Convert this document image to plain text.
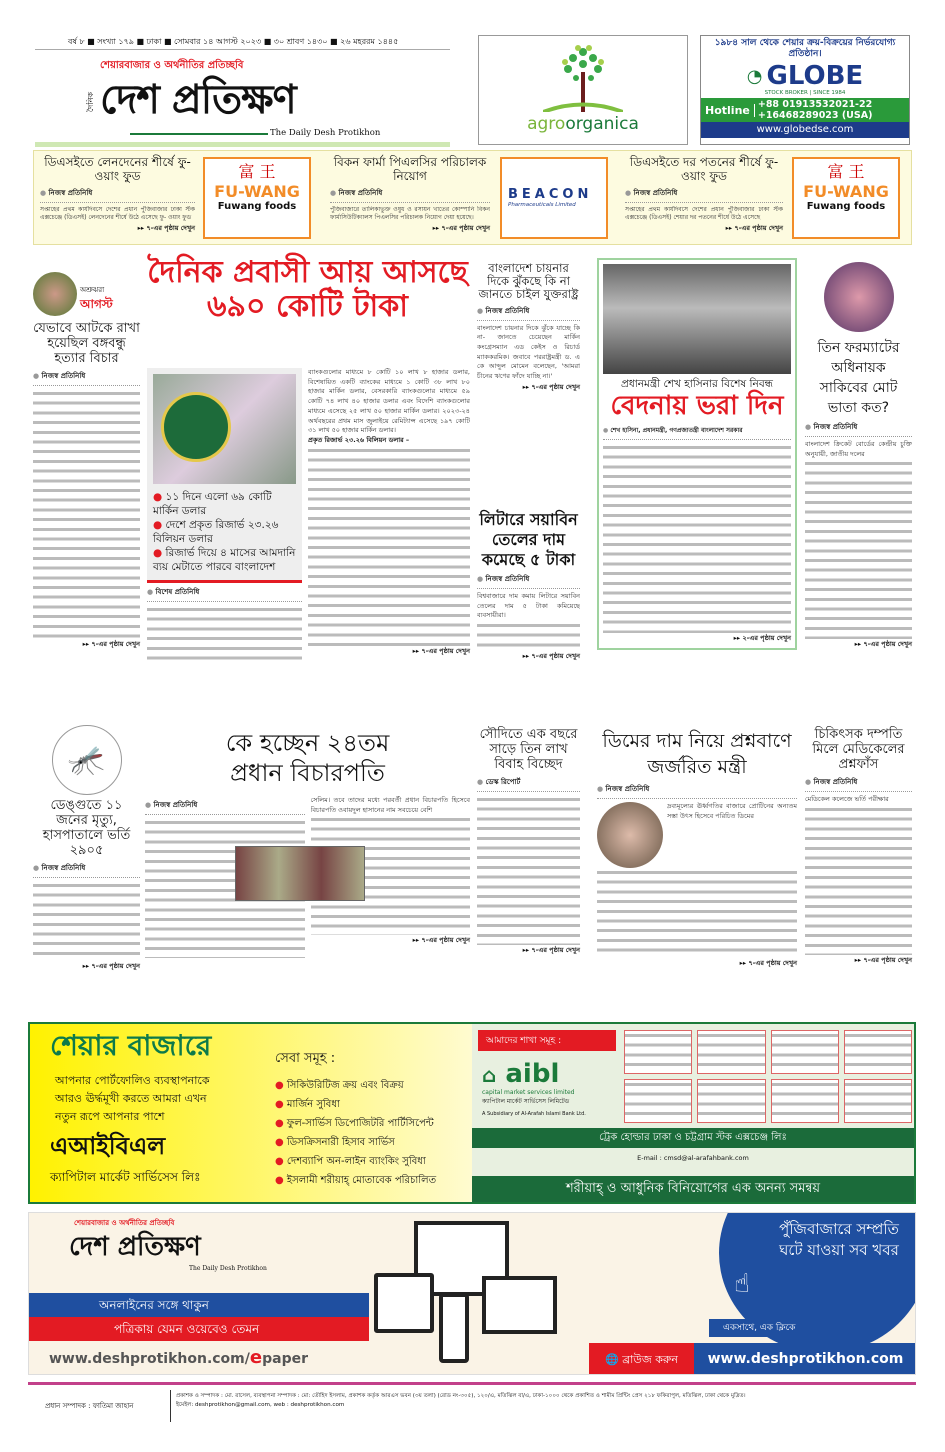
বর্ষ ৮ ■ সংখ্যা ১৭৯ ■ ঢাকা ■ সোমবার ১৪ আগস্ট ২০২৩ ■ ৩০ শ্রাবণ ১৪৩০ ■ ২৬ মহররম ১৪৪৫
শেয়ারবাজার ও অর্থনীতির প্রতিচ্ছবি
দৈনিক দেশ প্রতিক্ষণ
The Daily Desh Protikhon	agroorganica
১৯৮৪ সাল থেকে শেয়ার ক্রয়-বিক্রয়ের নির্ভরযোগ্য প্রতিষ্ঠান।
◔ GLOBE
STOCK BROKER | SINCE 1984
Hotline +88 01913532021-22
+16468289023 (USA)
www.globedse.com
ডিএসইতে লেনদেনের শীর্ষে ফু-ওয়াং ফুড
● নিজস্ব প্রতিনিধি
সপ্তাহের প্রথম কার্যদিবসে দেশের প্রধান পুঁজিবাজার ঢাকা স্টক এক্সচেঞ্জে (ডিএসই) লেনদেনের শীর্ষে উঠে এসেছে ফু- ওয়াং ফুড
▸▸ ৭-এর পৃষ্ঠায় দেখুন
富 王
FU-WANG
Fuwang foods
বিকন ফার্মা পিএলসির পরিচালক নিয়োগ
● নিজস্ব প্রতিনিধি
পুঁজিবাজারে তালিকাভুক্ত ওষুধ ও রসায়ন খাতের কোম্পানি বিকন ফার্মাসিউটিক্যালস পিএলসির পরিচালক নিয়োগ দেয়া হয়েছে।
▸▸ ৭-এর পৃষ্ঠায় দেখুন
BEACON
Pharmaceuticals Limited
ডিএসইতে দর পতনের শীর্ষে ফু-ওয়াং ফুড
● নিজস্ব প্রতিনিধি
সপ্তাহের প্রথম কার্যদিবসে দেশের প্রধান পুঁজিবাজার ঢাকা স্টক এক্সচেঞ্জে (ডিএসই) শেয়ার দর পতনের শীর্ষে উঠে এসেছে
▸▸ ৭-এর পৃষ্ঠায় দেখুন
富 王
FU-WANG
Fuwang foods
অশ্রুঝরা
আগস্ট
যেভাবে আটকে রাখা হয়েছিল বঙ্গবন্ধু হত্যার বিচার
● নিজস্ব প্রতিনিধি
▸▸ ৭-এর পৃষ্ঠায় দেখুন
দৈনিক প্রবাসী আয় আসছে ৬৯০ কোটি টাকা
● ১১ দিনে এলো ৬৯ কোটি মার্কিন ডলার
● দেশে প্রকৃত রিজার্ভ ২৩.২৬ বিলিয়ন ডলার
● রিজার্ভ দিয়ে ৪ মাসের আমদানি ব্যয় মেটাতে পারবে বাংলাদেশ
● বিশেষ প্রতিনিধি
ব্যাংকগুলোর মাধ্যমে ৮ কোটি ১০ লাখ ৮ হাজার ডলার, বিশেষায়িত একটি ব্যাংকের মাধ্যমে ১ কোটি ৩৮ লাখ ৮০ হাজার মার্কিন ডলার, বেসরকারি ব্যাংকগুলোর মাধ্যমে ৫৯ কোটি ৭৪ লাখ ৪০ হাজার ডলার এবং বিদেশি ব্যাংকগুলোর মাধ্যমে এসেছে ২৫ লাখ ৫০ হাজার মার্কিন ডলার। ২০২৩-২৪ অর্থবছরের প্রথম মাস জুলাইয়ে রেমিট্যান্স এসেছে ১৯৭ কোটি ৩১ লাখ ৫০ হাজার মার্কিন ডলার।
প্রকৃত রিজার্ভ ২৩.২৬ বিলিয়ন ডলার –
▸▸ ৭-এর পৃষ্ঠায় দেখুন
বাংলাদেশ চায়নার দিকে ঝুঁকছে কি না জানতে চাইল যুক্তরাষ্ট্র
● নিজস্ব প্রতিনিধি
বাংলাদেশ চায়নার দিকে ঝুঁকে যাচ্ছে কি না- জানতে চেয়েছেন মার্কিন কংগ্রেসম্যান এড কেইস ও রিচার্ড ম্যাককরমিক। জবাবে পররাষ্ট্রমন্ত্রী ড. এ কে আব্দুল মোমেন বলেছেন, 'আমরা চীনের ঋণের ফাঁদে যাচ্ছি না।'
▸▸ ৭-এর পৃষ্ঠায় দেখুন
লিটারে সয়াবিন তেলের দাম কমেছে ৫ টাকা
● নিজস্ব প্রতিনিধি
বিশ্ববাজারে দাম কমায় লিটারে সয়াবিন তেলের দাম ৫ টাকা কমিয়েছে ব্যবসায়ীরা।
▸▸ ৭-এর পৃষ্ঠায় দেখুন
প্রধানমন্ত্রী শেখ হাসিনার বিশেষ নিবন্ধ
বেদনায় ভরা দিন
● শেখ হাসিনা, প্রধানমন্ত্রী, গণপ্রজাতন্ত্রী বাংলাদেশ সরকার
▸▸ ২-এর পৃষ্ঠায় দেখুন
তিন ফরম্যাটের অধিনায়ক সাকিবের মোট ভাতা কত?
● নিজস্ব প্রতিনিধি
বাংলাদেশ ক্রিকেট বোর্ডের কেন্দ্রীয় চুক্তি অনুযায়ী, জাতীয় দলের
▸▸ ৭-এর পৃষ্ঠায় দেখুন
🦟
ডেঙ্গুতে ১১ জনের মৃত্যু, হাসপাতালে ভর্তি ২৯০৫
● নিজস্ব প্রতিনিধি
▸▸ ৭-এর পৃষ্ঠায় দেখুন
কে হচ্ছেন ২৪তম প্রধান বিচারপতি
● নিজস্ব প্রতিনিধি
সেলিম। তবে তাদের মধ্যে পরবর্তী প্রধান বিচারপতি হিসেবে বিচারপতি ওবায়দুল হাসানের নাম সবচেয়ে বেশি
▸▸ ৭-এর পৃষ্ঠায় দেখুন
সৌদিতে এক বছরে সাড়ে তিন লাখ বিবাহ বিচ্ছেদ
● ডেস্ক রিপোর্ট
▸▸ ৭-এর পৃষ্ঠায় দেখুন
ডিমের দাম নিয়ে প্রশ্নবাণে জর্জরিত মন্ত্রী
● নিজস্ব প্রতিনিধি
দ্রব্যমূল্যের ঊর্ধ্বগতির বাজারে প্রোটিনের অন্যতম সস্তা উৎস হিসেবে পরিচিত ডিমের
▸▸ ৭-এর পৃষ্ঠায় দেখুন
চিকিৎসক দম্পতি মিলে মেডিকেলের প্রশ্নফাঁস
● নিজস্ব প্রতিনিধি
মেডিকেল কলেজে ভর্তি পরীক্ষার
▸▸ ৭-এর পৃষ্ঠায় দেখুন
শেয়ার বাজারে
আপনার পোর্টফোলিও ব্যবস্থাপনাকে
আরও ঊর্দ্ধমূখী করতে আমরা এখন
নতুন রূপে আপনার পাশে
এআইবিএল
ক্যাপিটাল মার্কেট সার্ভিসেস লিঃ
সেবা সমূহ :
● সিকিউরিটিজ ক্রয় এবং বিক্রয়
● মার্জিন সুবিধা
● ফুল-সার্ভিস ডিপোজিটরি পার্টিসিপেন্ট
● ডিসক্রিসনারী হিসাব সার্ভিস
● দেশব্যাপি অন-লাইন ব্যাংকিং সুবিধা
● ইসলামী শরীয়াহ্ মোতাবেক পরিচালিত
আমাদের শাখা সমূহ :
⌂ aibl
capital market services limited
ক্যাপিটাল মার্কেট সার্ভিসেস লিমিটেড
A Subsidiary of Al-Arafah Islami Bank Ltd.
ট্রেক হোল্ডার ঢাকা ও চট্টগ্রাম স্টক এক্সচেঞ্জ লিঃ
E-mail : cmsd@al-arafahbank.com
শরীয়াহ্ ও আধুনিক বিনিয়োগের এক অনন্য সমন্বয়
শেয়ারবাজার ও অর্থনীতির প্রতিচ্ছবি
দেশ প্রতিক্ষণ
The Daily Desh Protikhon
অনলাইনের সঙ্গে থাকুন
পত্রিকায় যেমন ওয়েবেও তেমন
www.deshprotikhon.com/epaper
পুঁজিবাজারে সম্প্রতি ঘটে যাওয়া সব খবর
☝
একসাথে, এক ক্লিকে
🌐 ব্রাউজ করুন	www.deshprotikhon.com
প্রধান সম্পাদক : ফাতিমা জাহান
প্রকাশক ও সম্পাদক : মো. রাসেল, ব্যবস্থাপনা সম্পাদক : মো: তৌহিদ ইসলাম, প্রকাশক কর্তৃক আরএস ভবন (৩য় তলা) (রোড নং-৩০৫), ১২০/এ, মতিঝিল বা/এ, ঢাকা-১০০০ থেকে প্রকাশিত ও শামীম প্রিন্টিং প্রেস ২১৮ ফকিরাপুল, মতিঝিল, ঢাকা থেকে মুদ্রিত।
ইমেইল: deshprotikhon@gmail.com, web : deshprotikhon.com
